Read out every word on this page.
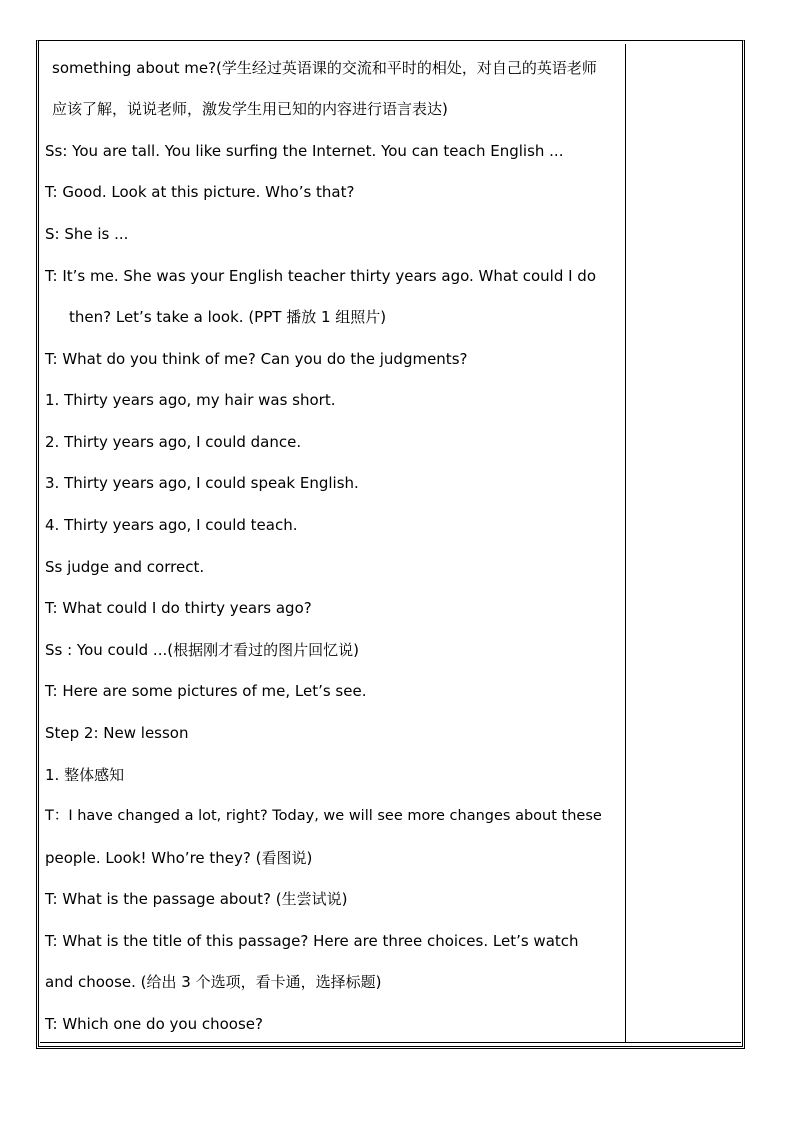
something about me?(学生经过英语课的交流和平时的相处，对自己的英语老师
应该了解，说说老师，激发学生用已知的内容进行语言表达)
Ss: You are tall. You like surfing the Internet. You can teach English ...
T: Good. Look at this picture. Who’s that?
S: She is ...
T: It’s me. She was your English teacher thirty years ago. What could I do
then? Let’s take a look. (PPT 播放 1 组照片)
T: What do you think of me? Can you do the judgments?
1. Thirty years ago, my hair was short.
2. Thirty years ago, I could dance.
3. Thirty years ago, I could speak English.
4. Thirty years ago, I could teach.
Ss judge and correct.
T: What could I do thirty years ago?
Ss : You could ...(根据刚才看过的图片回忆说)
T: Here are some pictures of me, Let’s see.
Step 2: New lesson
1. 整体感知
T：I have changed a lot, right? Today, we will see more changes about these
people. Look! Who’re they? (看图说)
T: What is the passage about? (生尝试说)
T: What is the title of this passage? Here are three choices. Let’s watch
and choose. (给出 3 个选项，看卡通，选择标题)
T: Which one do you choose?
